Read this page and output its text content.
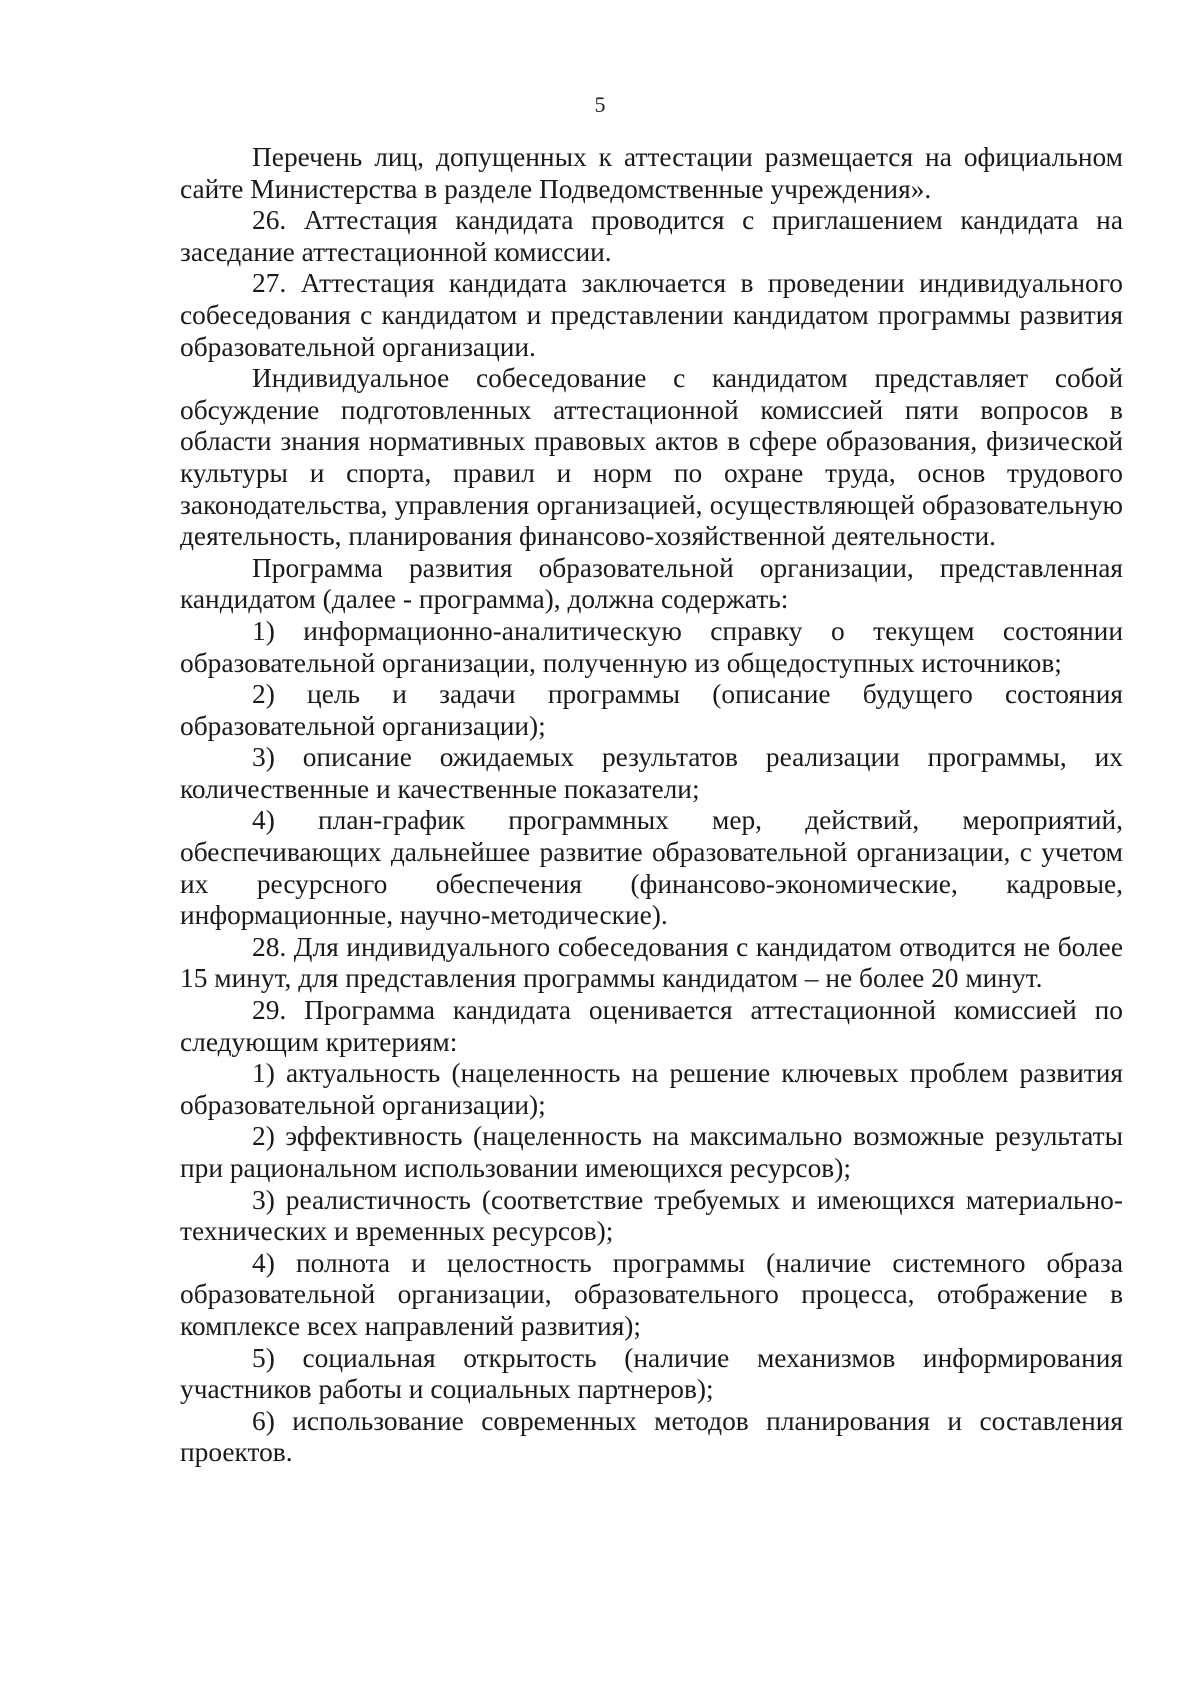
5

Перечень лиц, допущенных к аттестации размещается на официальном сайте Министерства в разделе Подведомственные учреждения».

26. Аттестация кандидата проводится с приглашением кандидата на заседание аттестационной комиссии.

27. Аттестация кандидата заключается в проведении индивидуального собеседования с кандидатом и представлении кандидатом программы развития образовательной организации.

Индивидуальное собеседование с кандидатом представляет собой обсуждение подготовленных аттестационной комиссией пяти вопросов в области знания нормативных правовых актов в сфере образования, физической культуры и спорта, правил и норм по охране труда, основ трудового законодательства, управления организацией, осуществляющей образовательную деятельность, планирования финансово-хозяйственной деятельности.

Программа развития образовательной организации, представленная кандидатом (далее - программа), должна содержать:

1) информационно-аналитическую справку о текущем состоянии образовательной организации, полученную из общедоступных источников;

2) цель и задачи программы (описание будущего состояния образовательной организации);

3) описание ожидаемых результатов реализации программы, их количественные и качественные показатели;

4) план-график программных мер, действий, мероприятий, обеспечивающих дальнейшее развитие образовательной организации, с учетом их ресурсного обеспечения (финансово-экономические, кадровые, информационные, научно-методические).

28. Для индивидуального собеседования с кандидатом отводится не более 15 минут, для представления программы кандидатом – не более 20 минут.

29. Программа кандидата оценивается аттестационной комиссией по следующим критериям:

1) актуальность (нацеленность на решение ключевых проблем развития образовательной организации);

2) эффективность (нацеленность на максимально возможные результаты при рациональном использовании имеющихся ресурсов);

3) реалистичность (соответствие требуемых и имеющихся материально-технических и временных ресурсов);

4) полнота и целостность программы (наличие системного образа образовательной организации, образовательного процесса, отображение в комплексе всех направлений развития);

5) социальная открытость (наличие механизмов информирования участников работы и социальных партнеров);

6) использование современных методов планирования и составления проектов.
